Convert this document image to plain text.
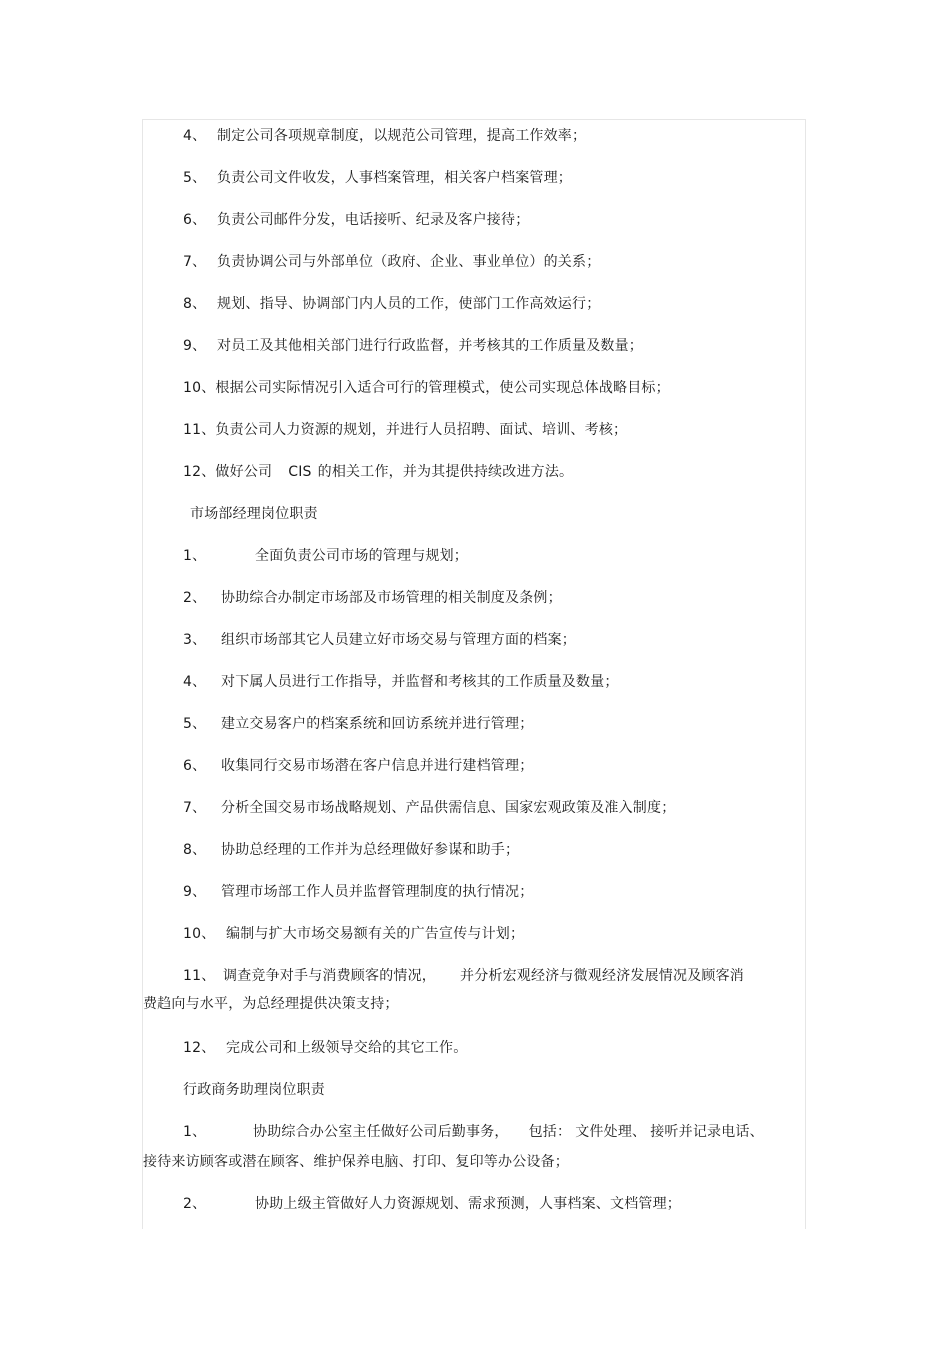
4、 制定公司各项规章制度，以规范公司管理，提高工作效率；
5、 负责公司文件收发，人事档案管理，相关客户档案管理；
6、 负责公司邮件分发，电话接听、纪录及客户接待；
7、 负责协调公司与外部单位（政府、企业、事业单位）的关系；
8、 规划、指导、协调部门内人员的工作，使部门工作高效运行；
9、 对员工及其他相关部门进行行政监督，并考核其的工作质量及数量；
10、根据公司实际情况引入适合可行的管理模式，使公司实现总体战略目标；
11、负责公司人力资源的规划，并进行人员招聘、面试、培训、考核；
12、做好公司 CIS 的相关工作，并为其提供持续改进方法。
市场部经理岗位职责
1、	全面负责公司市场的管理与规划；
2、 协助综合办制定市场部及市场管理的相关制度及条例；
3、 组织市场部其它人员建立好市场交易与管理方面的档案；
4、 对下属人员进行工作指导，并监督和考核其的工作质量及数量；
5、 建立交易客户的档案系统和回访系统并进行管理；
6、 收集同行交易市场潜在客户信息并进行建档管理；
7、 分析全国交易市场战略规划、产品供需信息、国家宏观政策及准入制度；
8、 协助总经理的工作并为总经理做好参谋和助手；
9、 管理市场部工作人员并监督管理制度的执行情况；
10、 编制与扩大市场交易额有关的广告宣传与计划；
11、 调查竞争对手与消费顾客的情况， 并分析宏观经济与微观经济发展情况及顾客消
费趋向与水平，为总经理提供决策支持；
12、 完成公司和上级领导交给的其它工作。
行政商务助理岗位职责
1、	协助综合办公室主任做好公司后勤事务， 包括： 文件处理、 接听并记录电话、
接待来访顾客或潜在顾客、维护保养电脑、打印、复印等办公设备；
2、	协助上级主管做好人力资源规划、需求预测，人事档案、文档管理；
